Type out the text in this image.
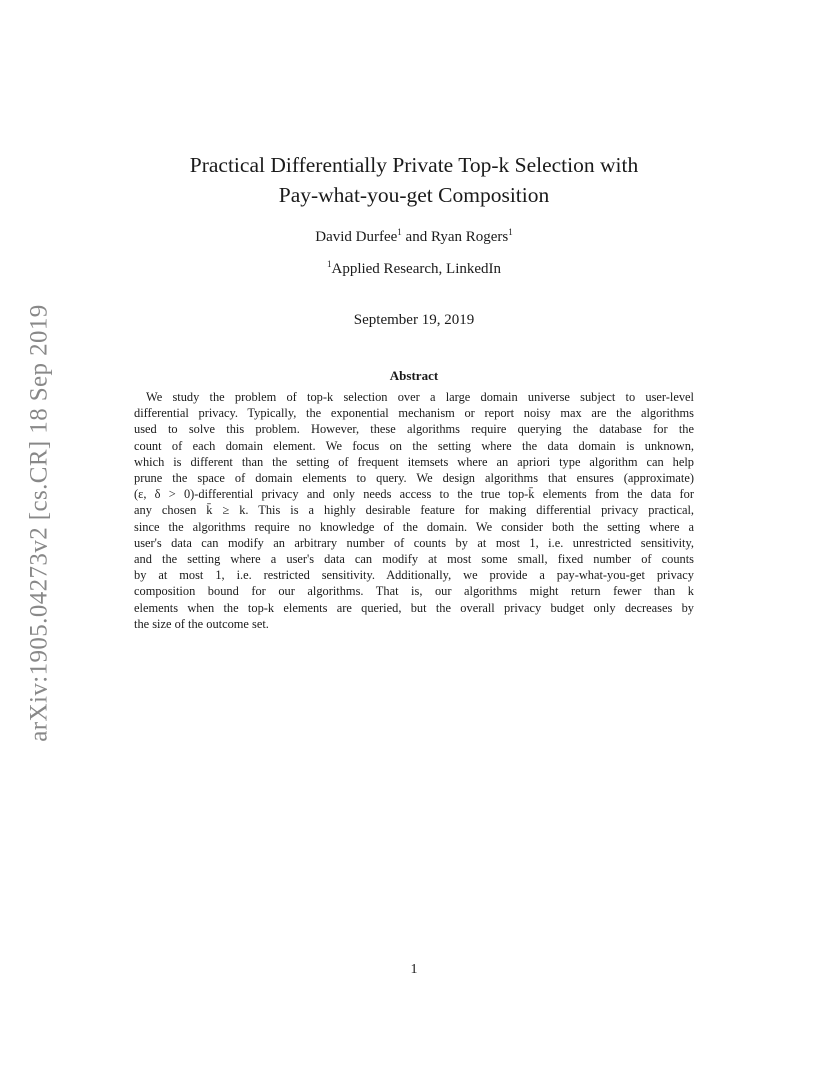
arXiv:1905.04273v2 [cs.CR] 18 Sep 2019
Practical Differentially Private Top-k Selection with
Pay-what-you-get Composition
David Durfee$^1$ and Ryan Rogers$^1$
$^1$Applied Research, LinkedIn
September 19, 2019
Abstract
We study the problem of top-k selection over a large domain universe subject to user-level
differential privacy. Typically, the exponential mechanism or report noisy max are the algorithms
used to solve this problem. However, these algorithms require querying the database for the
count of each domain element. We focus on the setting where the data domain is unknown,
which is different than the setting of frequent itemsets where an apriori type algorithm can help
prune the space of domain elements to query. We design algorithms that ensures (approximate)
(ε, δ > 0)-differential privacy and only needs access to the true top-k̄ elements from the data for
any chosen k̄ ≥ k. This is a highly desirable feature for making differential privacy practical,
since the algorithms require no knowledge of the domain. We consider both the setting where a
user's data can modify an arbitrary number of counts by at most 1, i.e. unrestricted sensitivity,
and the setting where a user's data can modify at most some small, fixed number of counts
by at most 1, i.e. restricted sensitivity. Additionally, we provide a pay-what-you-get privacy
composition bound for our algorithms. That is, our algorithms might return fewer than k
elements when the top-k elements are queried, but the overall privacy budget only decreases by
the size of the outcome set.
1
